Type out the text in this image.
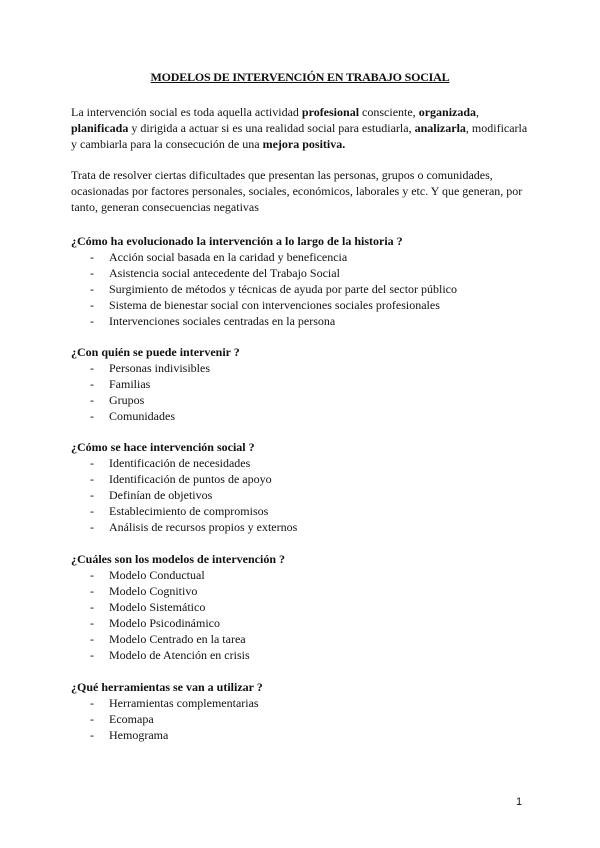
MODELOS DE INTERVENCIÓN EN TRABAJO SOCIAL
La intervención social es toda aquella actividad profesional consciente, organizada, planificada y dirigida a actuar si es una realidad social para estudiarla, analizarla, modificarla y cambiarla para la consecución de una mejora positiva.
Trata de resolver ciertas dificultades que presentan las personas, grupos o comunidades, ocasionadas por factores personales, sociales, económicos, laborales y etc. Y que generan, por tanto, generan consecuencias negativas

¿Cómo ha evolucionado la intervención a lo largo de la historia ?

- Acción social basada en la caridad y beneficencia
- Asistencia social antecedente del Trabajo Social
- Surgimiento de métodos y técnicas de ayuda por parte del sector público
- Sistema de bienestar social con intervenciones sociales profesionales
- Intervenciones sociales centradas en la persona

¿Con quién se puede intervenir ?

- Personas indivisibles
- Familias
- Grupos
- Comunidades

¿Cómo se hace intervención social ?

- Identificación de necesidades
- Identificación de puntos de apoyo
- Definían de objetivos
- Establecimiento de compromisos
- Análisis de recursos propios y externos

¿Cuáles son los modelos de intervención ?

- Modelo Conductual
- Modelo Cognitivo
- Modelo Sistemático
- Modelo Psicodinámico
- Modelo Centrado en la tarea
- Modelo de Atención en crisis

¿Qué herramientas se van a utilizar ?

- Herramientas complementarias
- Ecomapa
- Hemograma
1
